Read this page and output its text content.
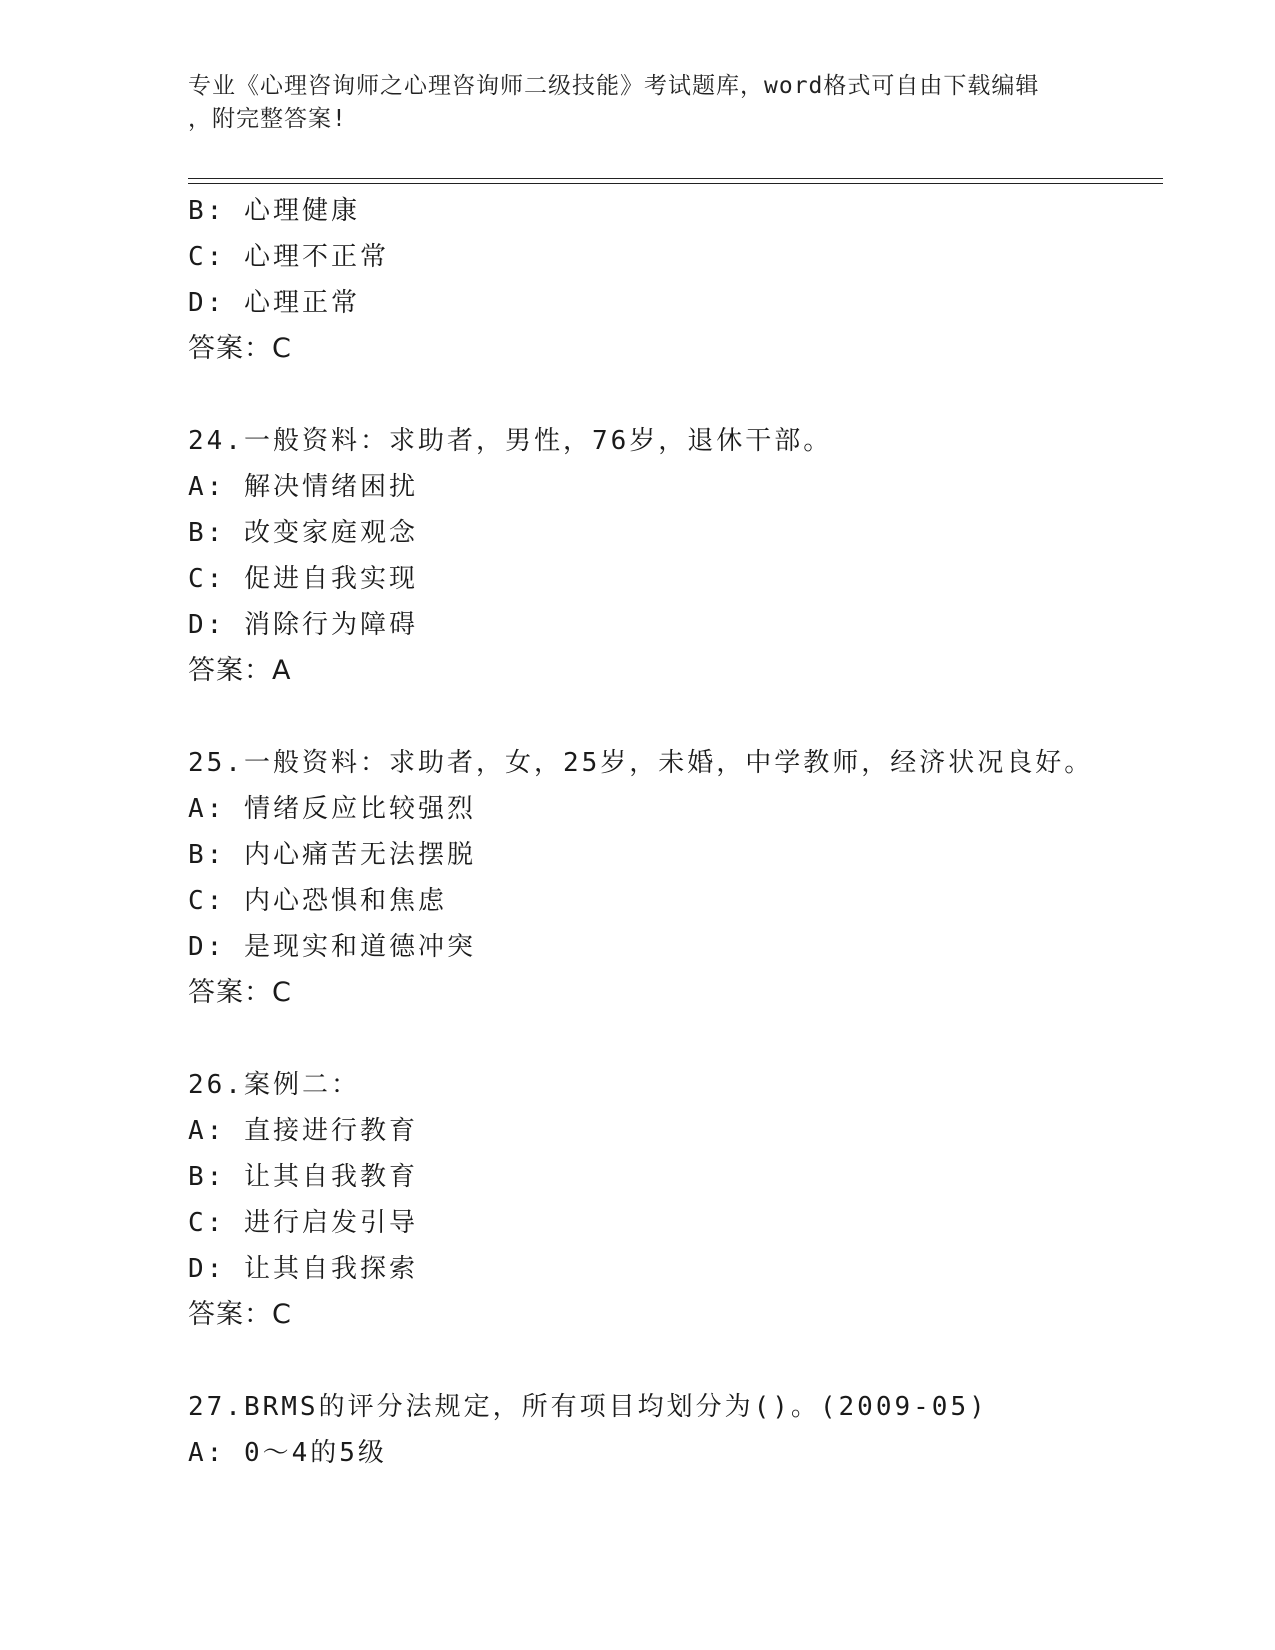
专业《心理咨询师之心理咨询师二级技能》考试题库，word格式可自由下载编辑
，附完整答案!
B: 心理健康
C: 心理不正常
D: 心理正常
答案：C
24.一般资料：求助者，男性，76岁，退休干部。
A: 解决情绪困扰
B: 改变家庭观念
C: 促进自我实现
D: 消除行为障碍
答案：A
25.一般资料：求助者，女，25岁，未婚，中学教师，经济状况良好。
A: 情绪反应比较强烈
B: 内心痛苦无法摆脱
C: 内心恐惧和焦虑
D: 是现实和道德冲突
答案：C
26.案例二：
A: 直接进行教育
B: 让其自我教育
C: 进行启发引导
D: 让其自我探索
答案：C
27.BRMS的评分法规定，所有项目均划分为()。(2009-05)
A: 0～4的5级
